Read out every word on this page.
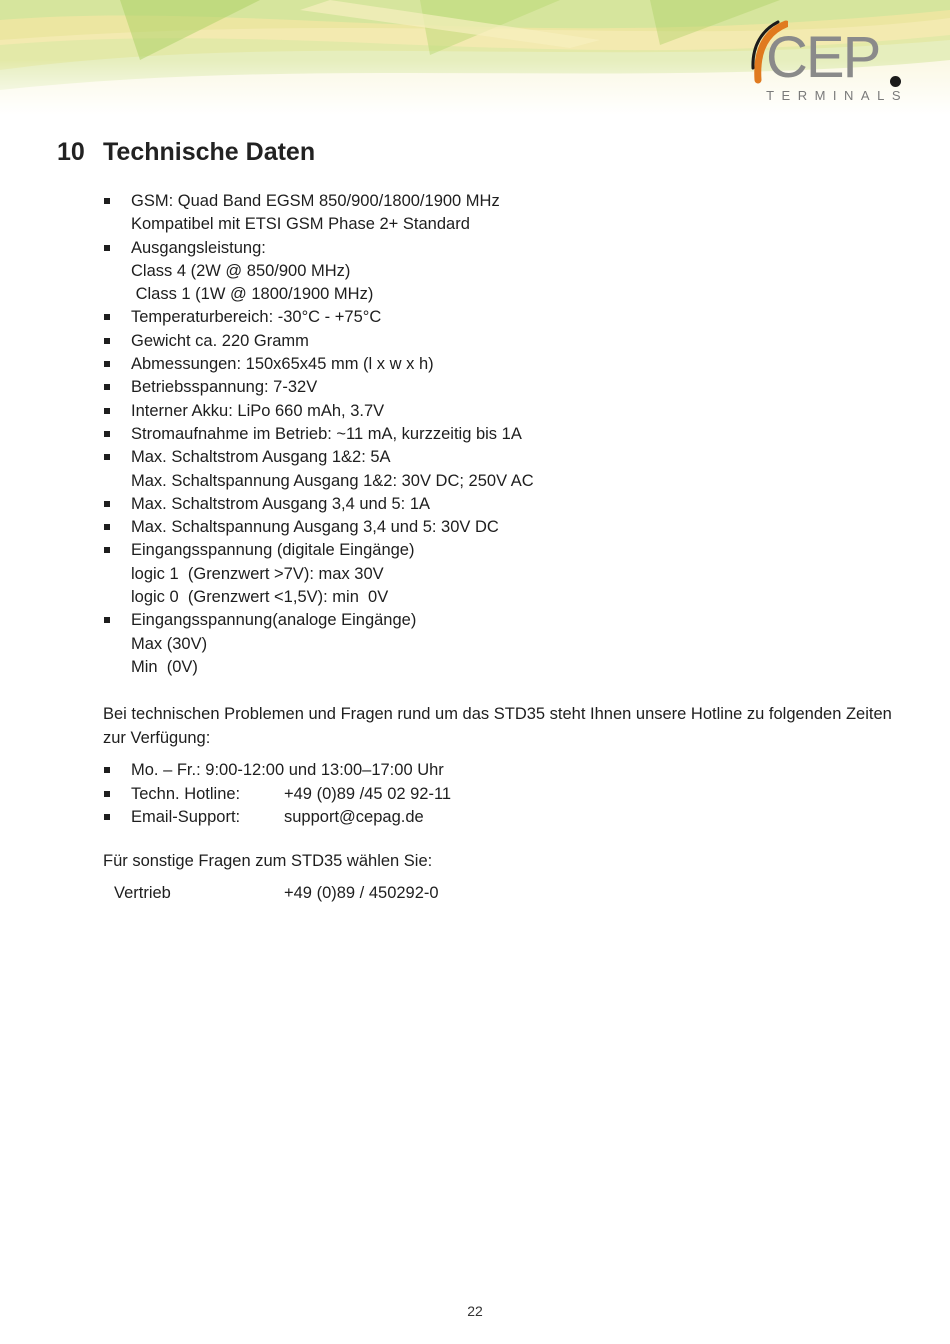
CEP
TERMINALS
10 Technische Daten
GSM: Quad Band EGSM 850/900/1800/1900 MHz
Kompatibel mit ETSI GSM Phase 2+ Standard
Ausgangsleistung:
Class 4 (2W @ 850/900 MHz)
Class 1 (1W @ 1800/1900 MHz)
Temperaturbereich: -30°C - +75°C
Gewicht ca. 220 Gramm
Abmessungen: 150x65x45 mm (l x w x h)
Betriebsspannung: 7-32V
Interner Akku: LiPo 660 mAh, 3.7V
Stromaufnahme im Betrieb: ~11 mA, kurzzeitig bis 1A
Max. Schaltstrom Ausgang 1&2: 5A
Max. Schaltspannung Ausgang 1&2: 30V DC; 250V AC
Max. Schaltstrom Ausgang 3,4 und 5: 1A
Max. Schaltspannung Ausgang 3,4 und 5: 30V DC
Eingangsspannung (digitale Eingänge)
logic 1  (Grenzwert >7V): max 30V
logic 0  (Grenzwert <1,5V): min  0V
Eingangsspannung(analoge Eingänge)
Max (30V)
Min  (0V)
Bei technischen Problemen und Fragen rund um das STD35 steht Ihnen unsere Hotline zu folgenden Zeiten zur Verfügung:
Mo. – Fr.: 9:00-12:00 und 13:00–17:00 Uhr
Techn. Hotline:	+49 (0)89 /45 02 92-11
Email-Support:	support@cepag.de
Für sonstige Fragen zum STD35 wählen Sie:
Vertrieb	+49 (0)89 / 450292-0
22
